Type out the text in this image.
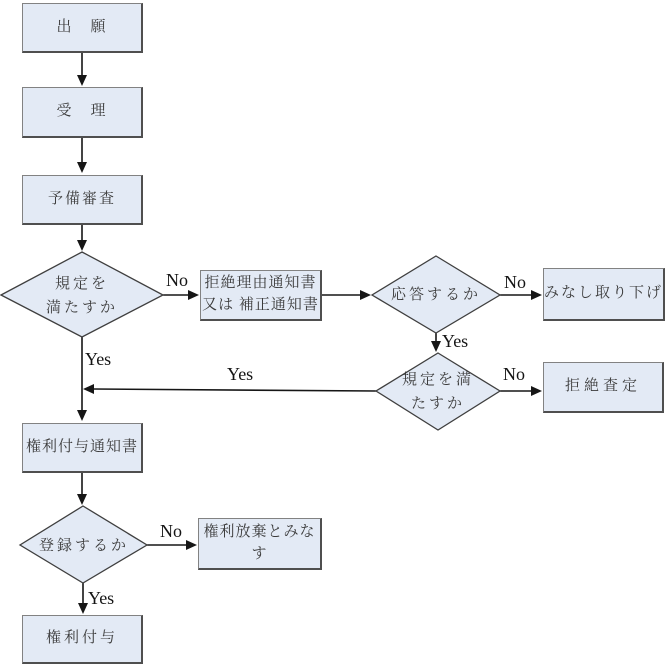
出　願
受　理
予備審査
拒絶理由通知書
又は 補正通知書
みなし取り下げ
拒絶査定
権利付与通知書
権利放棄とみな
す
権利付与
規定を
満たすか
応答するか
規定を満
たすか
登録するか
No
Yes
No
Yes
No
Yes
No
Yes
